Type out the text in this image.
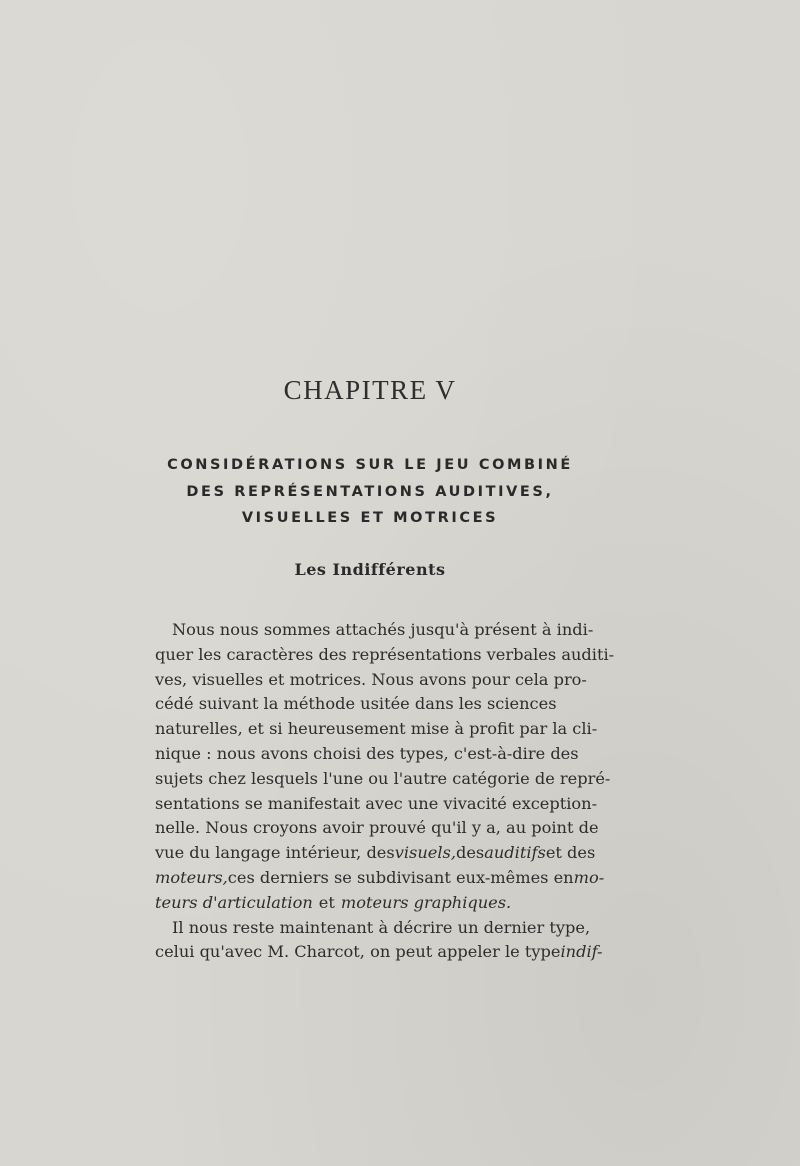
CHAPITRE V
CONSIDÉRATIONS SUR LE JEU COMBINÉ
DES REPRÉSENTATIONS AUDITIVES,
VISUELLES ET MOTRICES
Les Indifférents
Nous nous sommes attachés jusqu'à présent à indi-
quer les caractères des représentations verbales auditi-
ves, visuelles et motrices. Nous avons pour cela pro-
cédé suivant la méthode usitée dans les sciences
naturelles, et si heureusement mise à profit par la cli-
nique : nous avons choisi des types, c'est-à-dire des
sujets chez lesquels l'une ou l'autre catégorie de repré-
sentations se manifestait avec une vivacité exception-
nelle. Nous croyons avoir prouvé qu'il y a, au point de
vue du langage intérieur, des visuels, des auditifs et des
moteurs, ces derniers se subdivisant eux-mêmes en mo-
teurs d'articulation et moteurs graphiques.
Il nous reste maintenant à décrire un dernier type,
celui qu'avec M. Charcot, on peut appeler le type indif-
